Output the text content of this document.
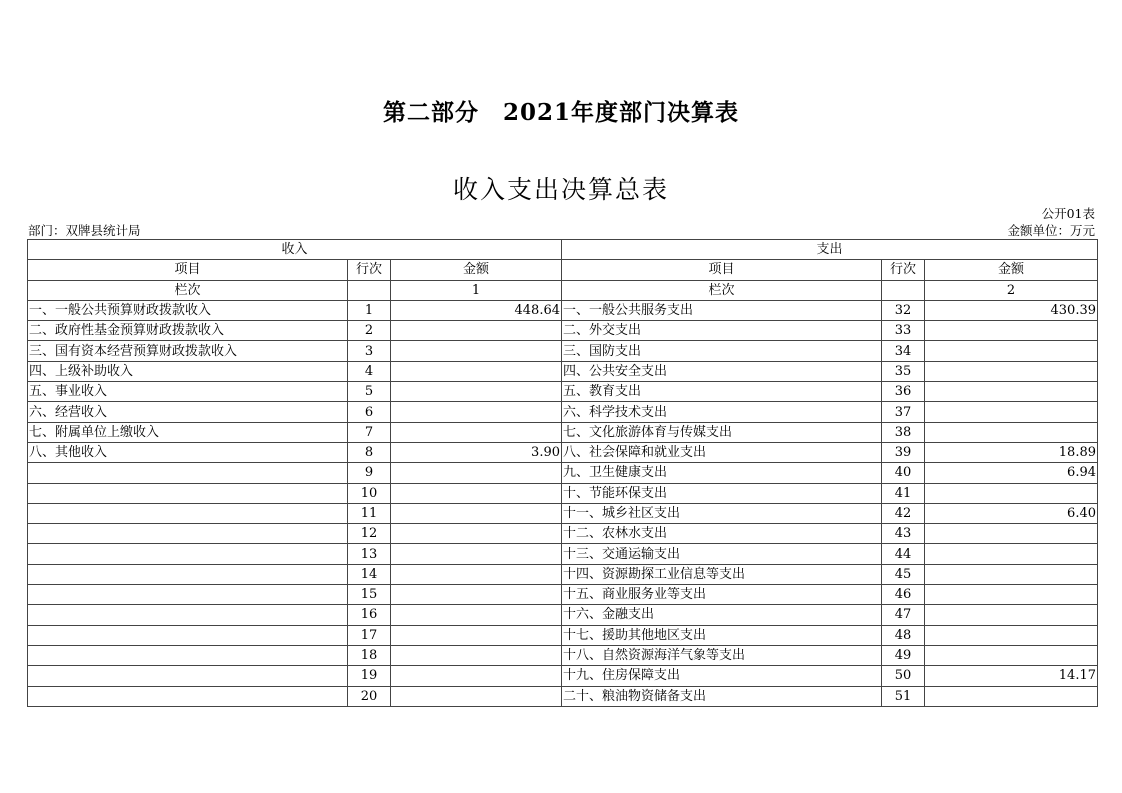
第二部分　2021年度部门决算表
收入支出决算总表
公开01表
部门：双牌县统计局	金额单位：万元
收入			支出		
项目	行次	金额	项目	行次	金额
栏次		1	栏次		2
一、一般公共预算财政拨款收入	1	448.64	一、一般公共服务支出	32	430.39
二、政府性基金预算财政拨款收入	2		二、外交支出	33	
三、国有资本经营预算财政拨款收入	3		三、国防支出	34	
四、上级补助收入	4		四、公共安全支出	35	
五、事业收入	5		五、教育支出	36	
六、经营收入	6		六、科学技术支出	37	
七、附属单位上缴收入	7		七、文化旅游体育与传媒支出	38	
八、其他收入	8	3.90	八、社会保障和就业支出	39	18.89
	9		九、卫生健康支出	40	6.94
	10		十、节能环保支出	41	
	11		十一、城乡社区支出	42	6.40
	12		十二、农林水支出	43	
	13		十三、交通运输支出	44	
	14		十四、资源勘探工业信息等支出	45	
	15		十五、商业服务业等支出	46	
	16		十六、金融支出	47	
	17		十七、援助其他地区支出	48	
	18		十八、自然资源海洋气象等支出	49	
	19		十九、住房保障支出	50	14.17
	20		二十、粮油物资储备支出	51	
